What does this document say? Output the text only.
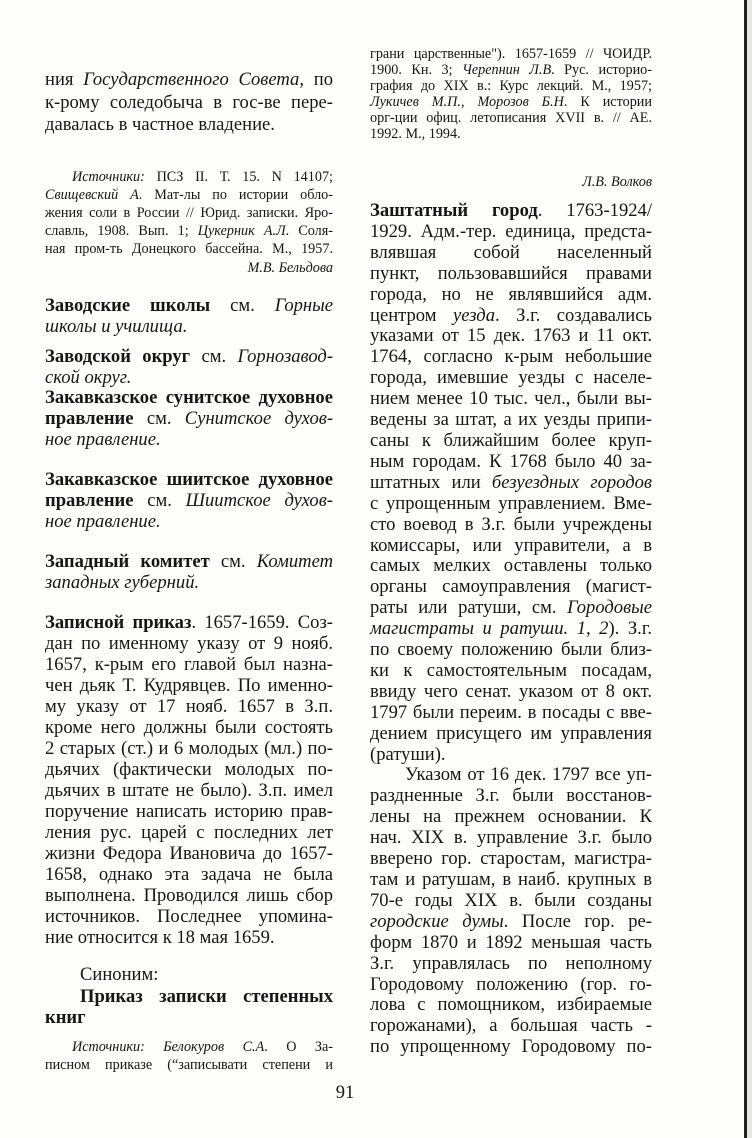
ния Государственного Совета, по
к-рому соледобыча в гос-ве пере-
давалась в частное владение.
Источники: ПСЗ II. Т. 15. N 14107;
Свищевский А. Мат-лы по истории обло-
жения соли в России // Юрид. записки. Яро-
славль, 1908. Вып. 1; Цукерник А.Л. Соля-
ная пром-ть Донецкого бассейна. М., 1957.
М.В. Бельдова
Заводские школы см. Горные
школы и училища.
Заводской округ см. Горнозавод-
ской округ.
Закавказское сунитское духовное
правление см. Сунитское духов-
ное правление.
Закавказское шиитское духовное
правление см. Шиитское духов-
ное правление.
Западный комитет см. Комитет
западных губерний.
Записной приказ. 1657-1659. Соз-
дан по именному указу от 9 нояб.
1657, к-рым его главой был назна-
чен дьяк Т. Кудрявцев. По именно-
му указу от 17 нояб. 1657 в З.п.
кроме него должны были состоять
2 старых (ст.) и 6 молодых (мл.) по-
дьячих (фактически молодых по-
дьячих в штате не было). З.п. имел
поручение написать историю прав-
ления рус. царей с последних лет
жизни Федора Ивановича до 1657-
1658, однако эта задача не была
выполнена. Проводился лишь сбор
источников. Последнее упомина-
ние относится к 18 мая 1659.
Синоним:
Приказ записки степенных
книг
Источники: Белокуров С.А. О За-
писном приказе (“записывати степени и
грани царственные"). 1657-1659 // ЧОИДР.
1900. Кн. 3; Черепнин Л.В. Рус. историо-
графия до XIX в.: Курс лекций. М., 1957;
Лукичев М.П., Морозов Б.Н. К истории
орг-ции офиц. летописания XVII в. // АЕ.
1992. М., 1994.
Л.В. Волков
Заштатный город. 1763-1924/
1929. Адм.-тер. единица, предста-
влявшая собой населенный
пункт, пользовавшийся правами
города, но не являвшийся адм.
центром уезда. З.г. создавались
указами от 15 дек. 1763 и 11 окт.
1764, согласно к-рым небольшие
города, имевшие уезды с населе-
нием менее 10 тыс. чел., были вы-
ведены за штат, а их уезды припи-
саны к ближайшим более круп-
ным городам. К 1768 было 40 за-
штатных или безуездных городов
с упрощенным управлением. Вме-
сто воевод в З.г. были учреждены
комиссары, или управители, а в
самых мелких оставлены только
органы самоуправления (магист-
раты или ратуши, см. Городовые
магистраты и ратуши. 1, 2). З.г.
по своему положению были близ-
ки к самостоятельным посадам,
ввиду чего сенат. указом от 8 окт.
1797 были переим. в посады с вве-
дением присущего им управления
(ратуши).
Указом от 16 дек. 1797 все уп-
раздненные З.г. были восстанов-
лены на прежнем основании. К
нач. XIX в. управление З.г. было
вверено гор. старостам, магистра-
там и ратушам, в наиб. крупных в
70-е годы XIX в. были созданы
городские думы. После гор. ре-
форм 1870 и 1892 меньшая часть
З.г. управлялась по неполному
Городовому положению (гор. го-
лова с помощником, избираемые
горожанами), а большая часть -
по упрощенному Городовому по-
91
